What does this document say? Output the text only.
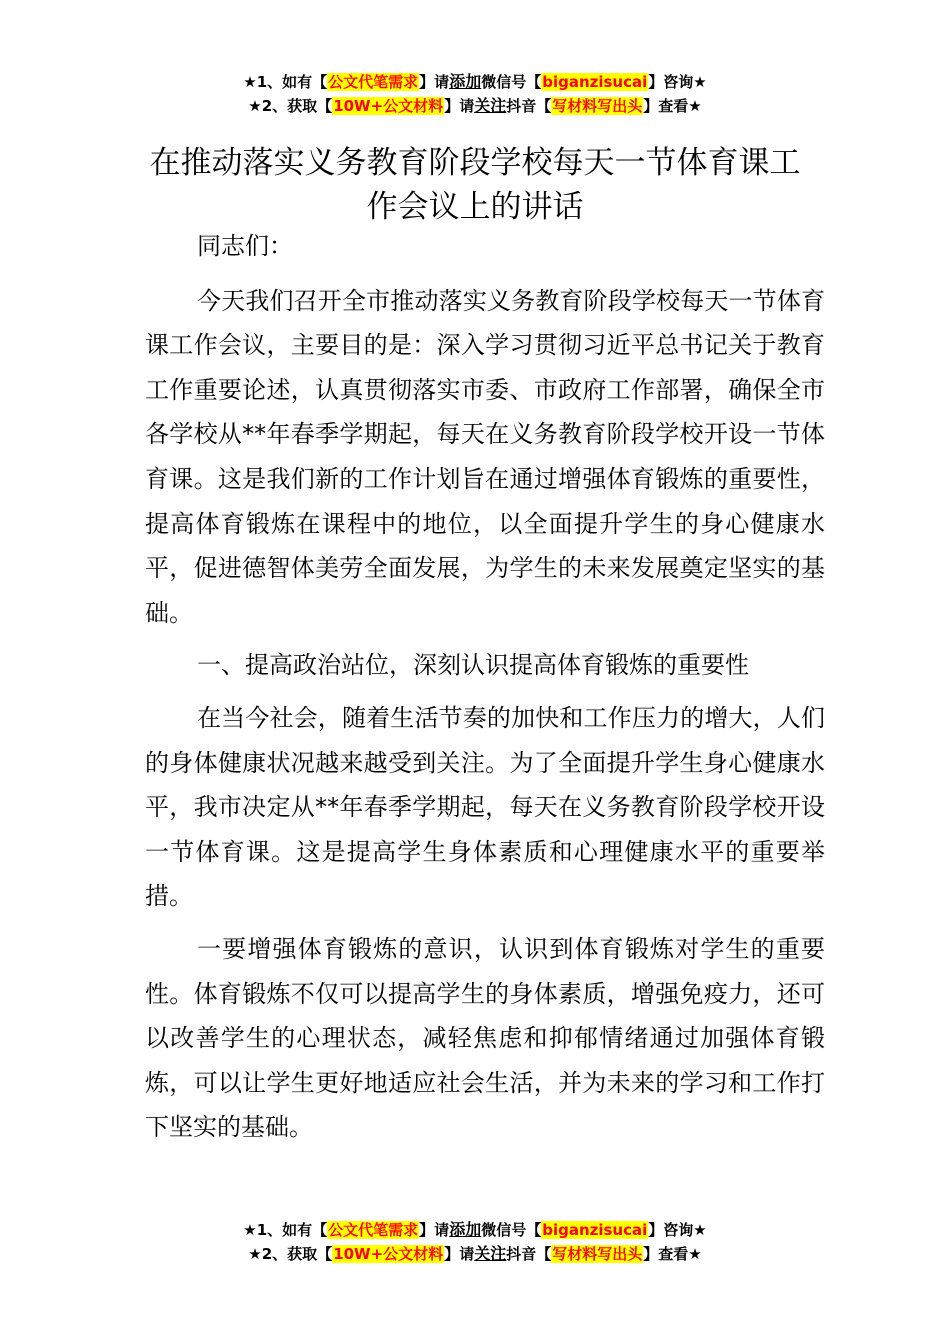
★1、如有【公文代笔需求】请添加微信号【biganzisucai】咨询★
★2、获取【10W+公文材料】请关注抖音【写材料写出头】查看★
在推动落实义务教育阶段学校每天一节体育课工作会议上的讲话

同志们：

今天我们召开全市推动落实义务教育阶段学校每天一节体育课工作会议，主要目的是：深入学习贯彻习近平总书记关于教育工作重要论述，认真贯彻落实市委、市政府工作部署，确保全市各学校从**年春季学期起，每天在义务教育阶段学校开设一节体育课。这是我们新的工作计划旨在通过增强体育锻炼的重要性，提高体育锻炼在课程中的地位，以全面提升学生的身心健康水平，促进德智体美劳全面发展，为学生的未来发展奠定坚实的基础。

一、提高政治站位，深刻认识提高体育锻炼的重要性

在当今社会，随着生活节奏的加快和工作压力的增大，人们的身体健康状况越来越受到关注。为了全面提升学生身心健康水平，我市决定从**年春季学期起，每天在义务教育阶段学校开设一节体育课。这是提高学生身体素质和心理健康水平的重要举措。

一要增强体育锻炼的意识，认识到体育锻炼对学生的重要性。体育锻炼不仅可以提高学生的身体素质，增强免疫力，还可以改善学生的心理状态，减轻焦虑和抑郁情绪通过加强体育锻炼，可以让学生更好地适应社会生活，并为未来的学习和工作打下坚实的基础。

★1、如有【公文代笔需求】请添加微信号【biganzisucai】咨询★
★2、获取【10W+公文材料】请关注抖音【写材料写出头】查看★
